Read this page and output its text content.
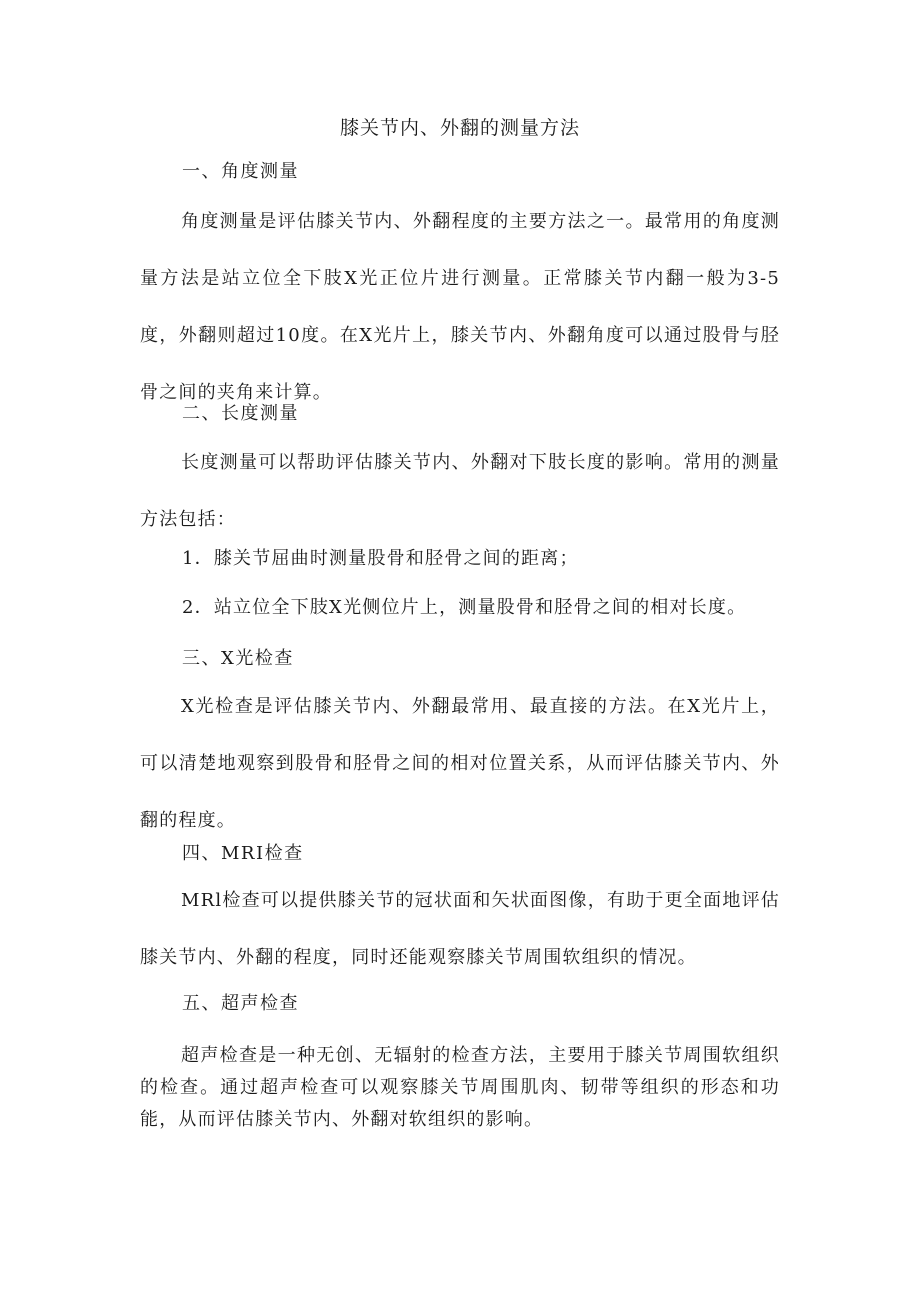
膝关节内、外翻的测量方法
一、角度测量
角度测量是评估膝关节内、外翻程度的主要方法之一。最常用的角度测量方法是站立位全下肢X光正位片进行测量。正常膝关节内翻一般为3-5度，外翻则超过10度。在X光片上，膝关节内、外翻角度可以通过股骨与胫骨之间的夹角来计算。
二、长度测量
长度测量可以帮助评估膝关节内、外翻对下肢长度的影响。常用的测量方法包括：
1．膝关节屈曲时测量股骨和胫骨之间的距离；
2．站立位全下肢X光侧位片上，测量股骨和胫骨之间的相对长度。
三、X光检查
X光检查是评估膝关节内、外翻最常用、最直接的方法。在X光片上，可以清楚地观察到股骨和胫骨之间的相对位置关系，从而评估膝关节内、外翻的程度。
四、MRI检查
MRl检查可以提供膝关节的冠状面和矢状面图像，有助于更全面地评估膝关节内、外翻的程度，同时还能观察膝关节周围软组织的情况。
五、超声检查
超声检查是一种无创、无辐射的检查方法，主要用于膝关节周围软组织的检查。通过超声检查可以观察膝关节周围肌肉、韧带等组织的形态和功能，从而评估膝关节内、外翻对软组织的影响。
